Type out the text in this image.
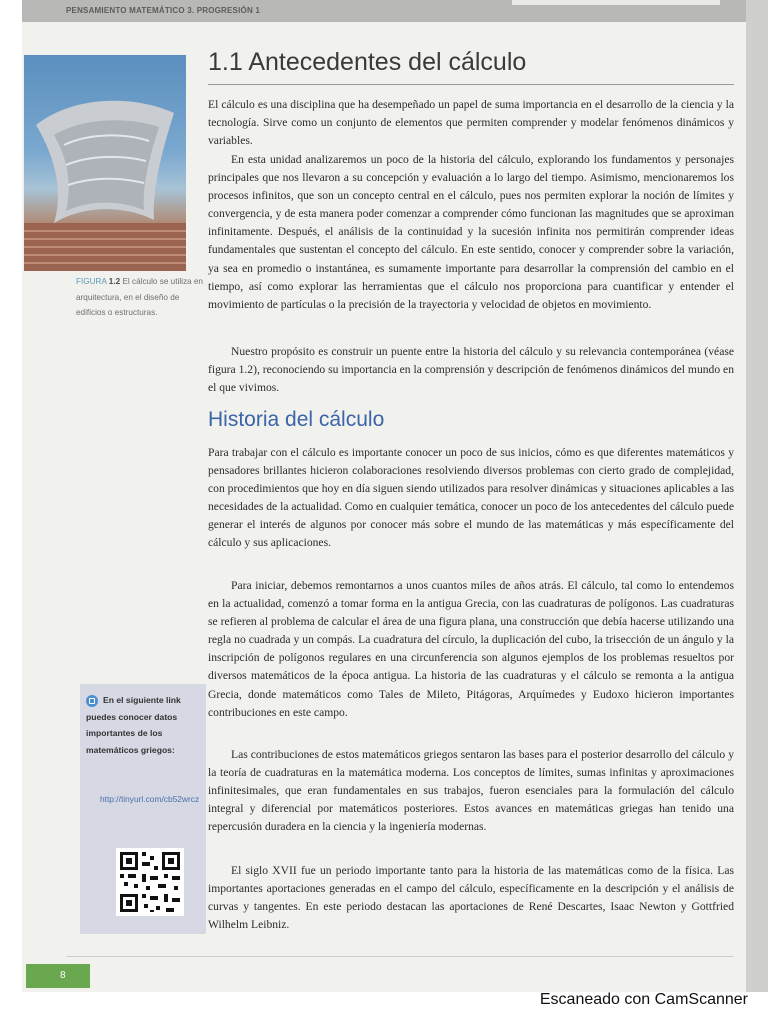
PENSAMIENTO MATEMÁTICO 3. PROGRESIÓN 1
FIGURA 1.2 El cálculo se utiliza en arquitectura, en el diseño de edificios o estructuras.
1.1 Antecedentes del cálculo

El cálculo es una disciplina que ha desempeñado un papel de suma importancia en el desarrollo de la ciencia y la tecnología. Sirve como un conjunto de elementos que permiten comprender y modelar fenómenos dinámicos y variables.

En esta unidad analizaremos un poco de la historia del cálculo, explorando los fundamentos y personajes principales que nos llevaron a su concepción y evaluación a lo largo del tiempo. Asimismo, mencionaremos los procesos infinitos, que son un concepto central en el cálculo, pues nos permiten explorar la noción de límites y convergencia, y de esta manera poder comenzar a comprender cómo funcionan las magnitudes que se aproximan infinitamente. Después, el análisis de la continuidad y la sucesión infinita nos permitirán comprender ideas fundamentales que sustentan el concepto del cálculo. En este sentido, conocer y comprender sobre la variación, ya sea en promedio o instantánea, es sumamente importante para desarrollar la comprensión del cambio en el tiempo, así como explorar las herramientas que el cálculo nos proporciona para cuantificar y entender el movimiento de partículas o la precisión de la trayectoria y velocidad de objetos en movimiento.

Nuestro propósito es construir un puente entre la historia del cálculo y su relevancia contemporánea (véase figura 1.2), reconociendo su importancia en la comprensión y descripción de fenómenos dinámicos del mundo en el que vivimos.

Historia del cálculo

Para trabajar con el cálculo es importante conocer un poco de sus inicios, cómo es que diferentes matemáticos y pensadores brillantes hicieron colaboraciones resolviendo diversos problemas con cierto grado de complejidad, con procedimientos que hoy en día siguen siendo utilizados para resolver dinámicas y situaciones aplicables a las necesidades de la actualidad. Como en cualquier temática, conocer un poco de los antecedentes del cálculo puede generar el interés de algunos por conocer más sobre el mundo de las matemáticas y más específicamente del cálculo y sus aplicaciones.

Para iniciar, debemos remontarnos a unos cuantos miles de años atrás. El cálculo, tal como lo entendemos en la actualidad, comenzó a tomar forma en la antigua Grecia, con las cuadraturas de polígonos. Las cuadraturas se refieren al problema de calcular el área de una figura plana, una construcción que debía hacerse utilizando una regla no cuadrada y un compás. La cuadratura del círculo, la duplicación del cubo, la trisección de un ángulo y la inscripción de polígonos regulares en una circunferencia son algunos ejemplos de los problemas resueltos por diversos matemáticos de la época antigua. La historia de las cuadraturas y el cálculo se remonta a la antigua Grecia, donde matemáticos como Tales de Mileto, Pitágoras, Arquímedes y Eudoxo hicieron importantes contribuciones en este campo.

Las contribuciones de estos matemáticos griegos sentaron las bases para el posterior desarrollo del cálculo y la teoría de cuadraturas en la matemática moderna. Los conceptos de límites, sumas infinitas y aproximaciones infinitesimales, que eran fundamentales en sus trabajos, fueron esenciales para la formulación del cálculo integral y diferencial por matemáticos posteriores. Estos avances en matemáticas griegas han tenido una repercusión duradera en la ciencia y la ingeniería modernas.

El siglo XVII fue un periodo importante tanto para la historia de las matemáticas como de la física. Las importantes aportaciones generadas en el campo del cálculo, específicamente en la descripción y el análisis de curvas y tangentes. En este periodo destacan las aportaciones de René Descartes, Isaac Newton y Gottfried Wilhelm Leibniz.

En el siguiente link puedes conocer datos importantes de los matemáticos griegos:
http://tinyurl.com/cb52wrcz
8
Escaneado con CamScanner
